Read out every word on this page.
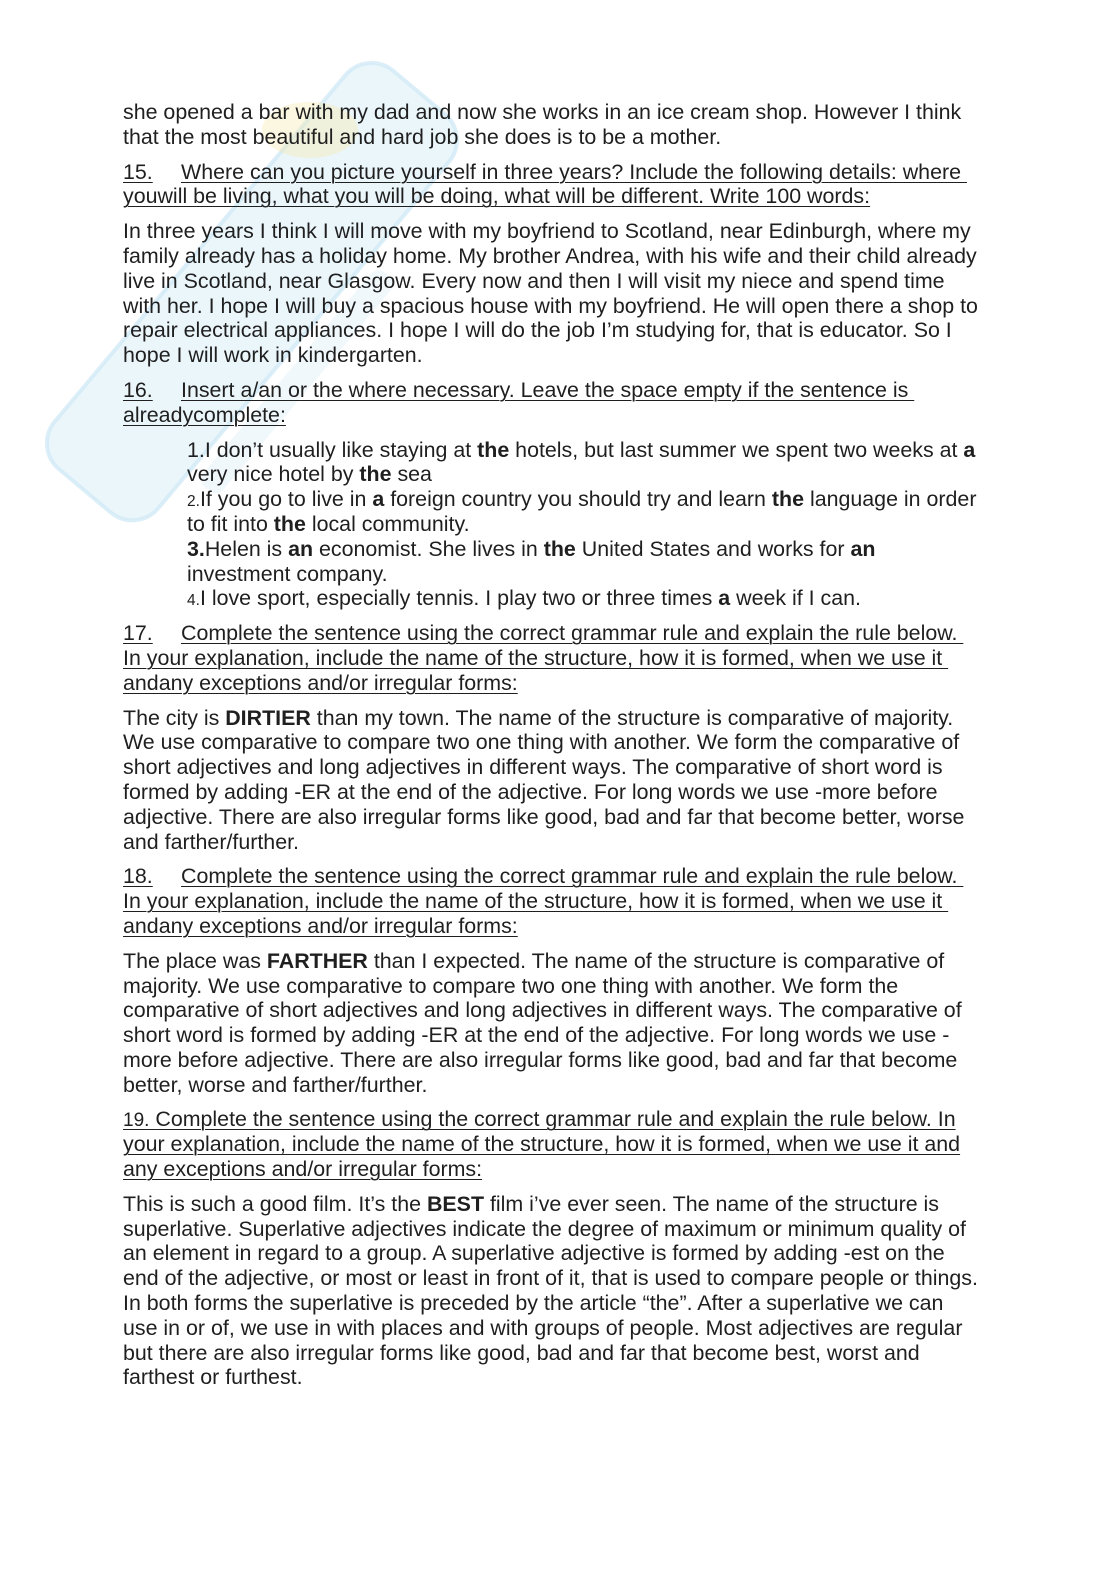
she opened a bar with my dad and now she works in an ice cream shop. However I think
that the most beautiful and hard job she does is to be a mother.
15. Where can you picture yourself in three years? Include the following details: where
youwill be living, what you will be doing, what will be different. Write 100 words:
In three years I think I will move with my boyfriend to Scotland, near Edinburgh, where my
family already has a holiday home. My brother Andrea, with his wife and their child already
live in Scotland, near Glasgow. Every now and then I will visit my niece and spend time
with her. I hope I will buy a spacious house with my boyfriend. He will open there a shop to
repair electrical appliances. I hope I will do the job I’m studying for, that is educator. So I
hope I will work in kindergarten.
16. Insert a/an or the where necessary. Leave the space empty if the sentence is
alreadycomplete:
1.I don’t usually like staying at the hotels, but last summer we spent two weeks at a
very nice hotel by the sea
2.If you go to live in a foreign country you should try and learn the language in order
to fit into the local community.
3.Helen is an economist. She lives in the United States and works for an
investment company.
4.I love sport, especially tennis. I play two or three times a week if I can.
17. Complete the sentence using the correct grammar rule and explain the rule below.
In your explanation, include the name of the structure, how it is formed, when we use it
andany exceptions and/or irregular forms:
The city is DIRTIER than my town. The name of the structure is comparative of majority.
We use comparative to compare two one thing with another. We form the comparative of
short adjectives and long adjectives in different ways. The comparative of short word is
formed by adding -ER at the end of the adjective. For long words we use -more before
adjective. There are also irregular forms like good, bad and far that become better, worse
and farther/further.
18. Complete the sentence using the correct grammar rule and explain the rule below.
In your explanation, include the name of the structure, how it is formed, when we use it
andany exceptions and/or irregular forms:
The place was FARTHER than I expected. The name of the structure is comparative of
majority. We use comparative to compare two one thing with another. We form the
comparative of short adjectives and long adjectives in different ways. The comparative of
short word is formed by adding -ER at the end of the adjective. For long words we use -
more before adjective. There are also irregular forms like good, bad and far that become
better, worse and farther/further.
19. Complete the sentence using the correct grammar rule and explain the rule below. In
your explanation, include the name of the structure, how it is formed, when we use it and
any exceptions and/or irregular forms:
This is such a good film. It’s the BEST film i’ve ever seen. The name of the structure is
superlative. Superlative adjectives indicate the degree of maximum or minimum quality of
an element in regard to a group. A superlative adjective is formed by adding -est on the
end of the adjective, or most or least in front of it, that is used to compare people or things.
In both forms the superlative is preceded by the article “the”. After a superlative we can
use in or of, we use in with places and with groups of people. Most adjectives are regular
but there are also irregular forms like good, bad and far that become best, worst and
farthest or furthest.
